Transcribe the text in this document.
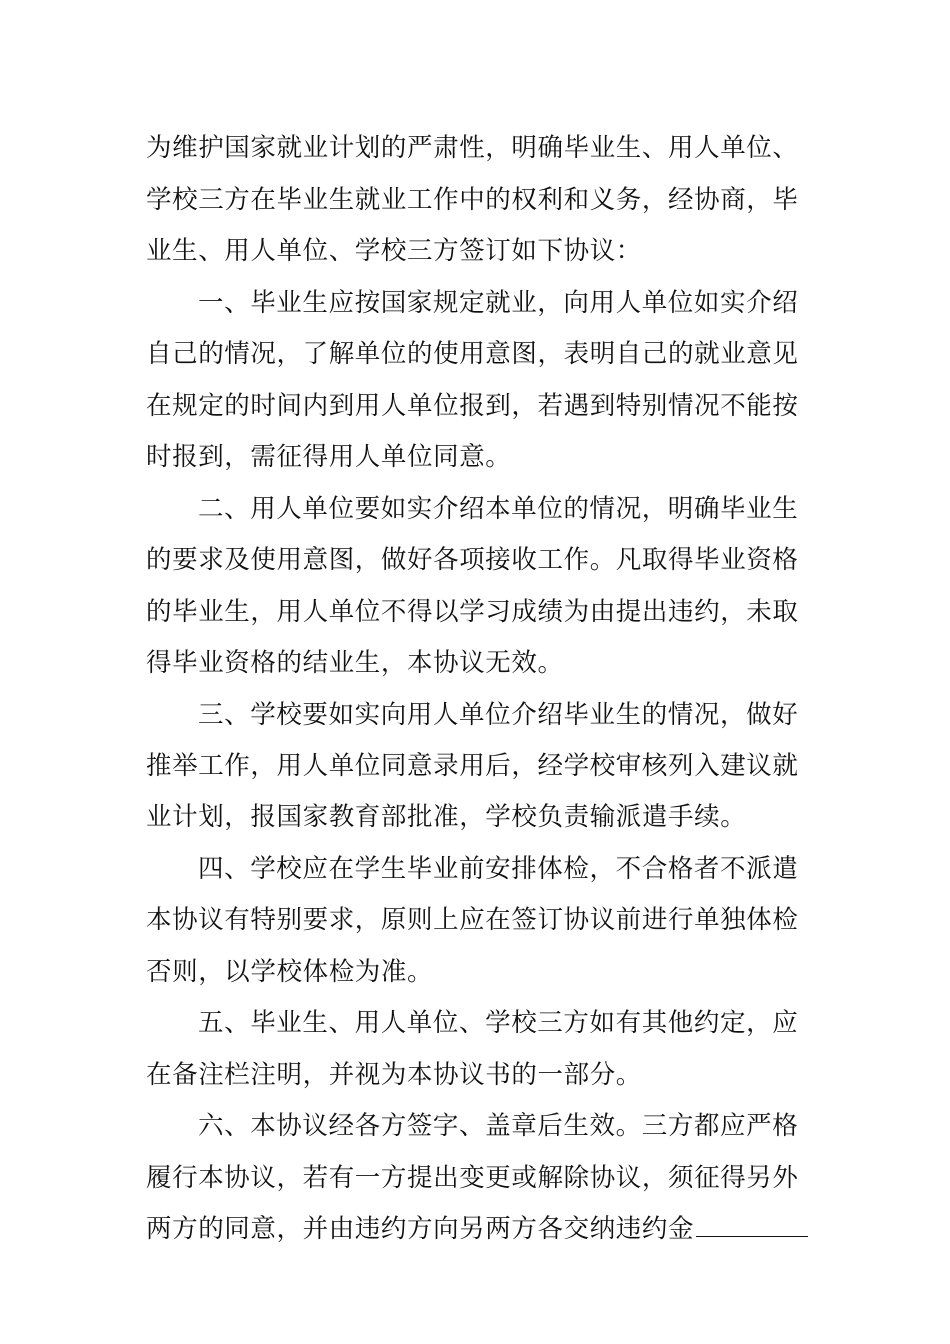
为维护国家就业计划的严肃性，明确毕业生、用人单位、

学校三方在毕业生就业工作中的权利和义务，经协商，毕

业生、用人单位、学校三方签订如下协议：

一、毕业生应按国家规定就业，向用人单位如实介绍

自己的情况，了解单位的使用意图，表明自己的就业意见

在规定的时间内到用人单位报到，若遇到特别情况不能按

时报到，需征得用人单位同意。

二、用人单位要如实介绍本单位的情况，明确毕业生

的要求及使用意图，做好各项接收工作。凡取得毕业资格

的毕业生，用人单位不得以学习成绩为由提出违约，未取

得毕业资格的结业生，本协议无效。

三、学校要如实向用人单位介绍毕业生的情况，做好

推举工作，用人单位同意录用后，经学校审核列入建议就

业计划，报国家教育部批准，学校负责输派遣手续。

四、学校应在学生毕业前安排体检，不合格者不派遣

本协议有特别要求，原则上应在签订协议前进行单独体检

否则，以学校体检为准。

五、毕业生、用人单位、学校三方如有其他约定，应

在备注栏注明，并视为本协议书的一部分。

六、本协议经各方签字、盖章后生效。三方都应严格

履行本协议，若有一方提出变更或解除协议，须征得另外

两方的同意，并由违约方向另两方各交纳违约金
